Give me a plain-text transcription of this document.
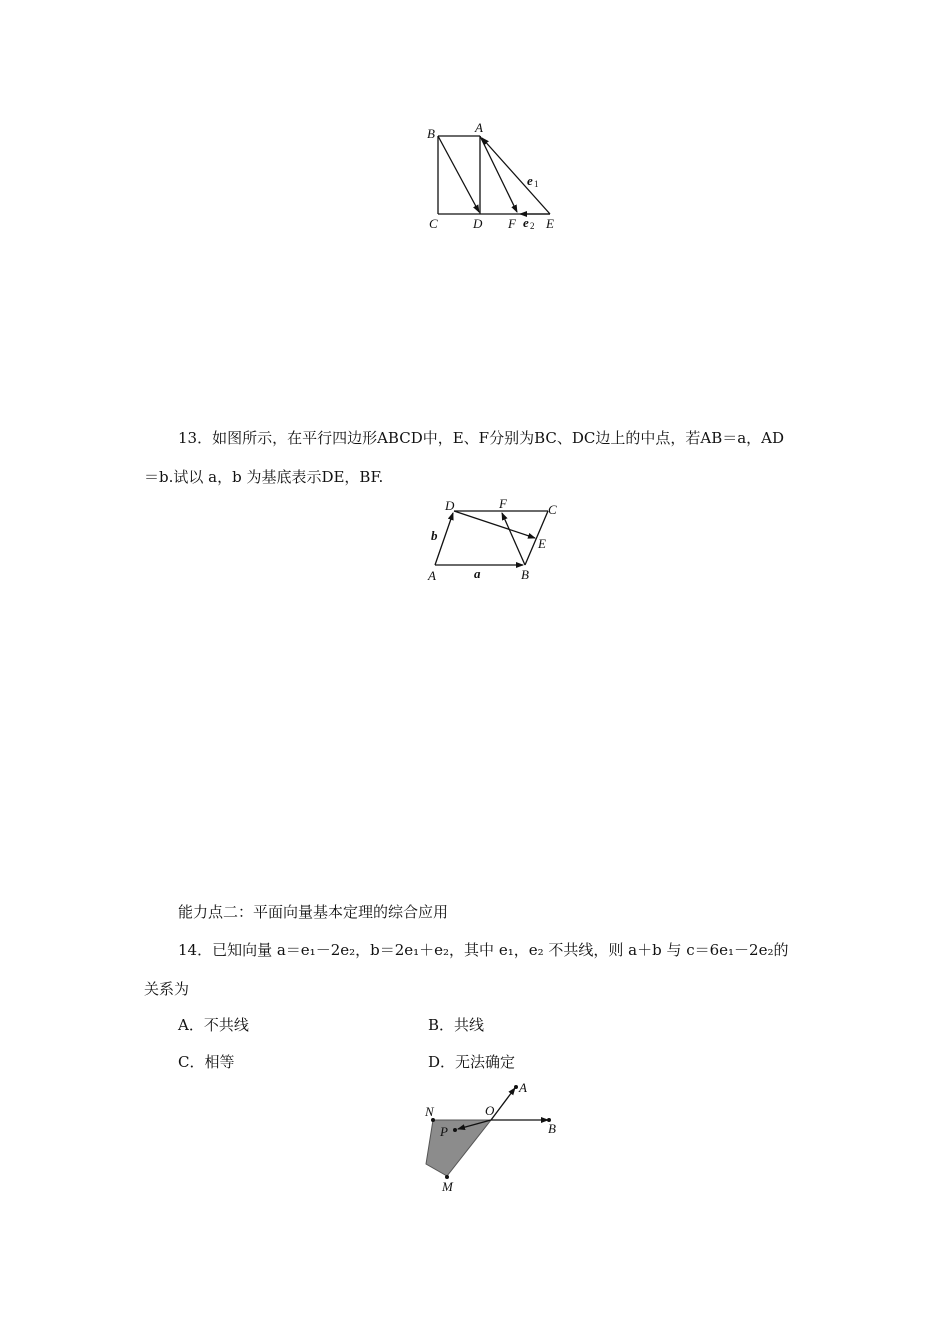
B	A
C	D F E
e 1
e 2
13．如图所示，在平行四边形ABCD中，E、F分别为BC、DC边上的中点，若AB＝a，AD
＝b.试以 a，b 为基底表示DE，BF.
D	F	C
b
E
A	a	B
能力点二：平面向量基本定理的综合应用
14．已知向量 a＝e₁－2e₂，b＝2e₁＋e₂，其中 e₁，e₂ 不共线，则 a＋b 与 c＝6e₁－2e₂的
关系为
A．不共线	B．共线
C．相等	D．无法确定
A
N	O
B
P
M
